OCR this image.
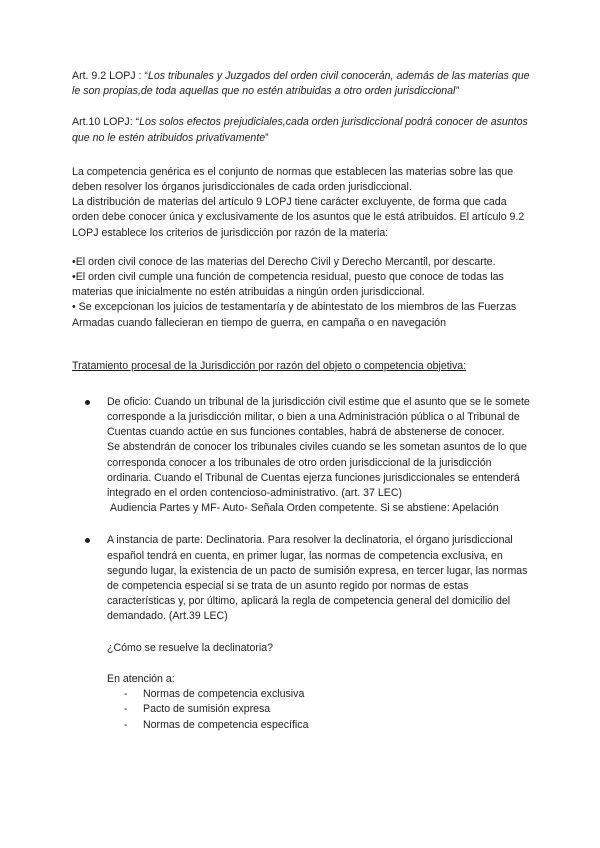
Art. 9.2 LOPJ : “Los tribunales y Juzgados del orden civil conocerán, además de las materias que le son propias,de toda aquellas que no estén atribuidas a otro orden jurisdiccional”

Art.10 LOPJ: “Los solos efectos prejudiciales,cada orden jurisdiccional podrá conocer de asuntos que no le estén atribuidos privativamente”

La competencia genérica es el conjunto de normas que establecen las materias sobre las que deben resolver los órganos jurisdiccionales de cada orden jurisdiccional.

La distribución de materias del artículo 9 LOPJ tiene carácter excluyente, de forma que cada orden debe conocer única y exclusivamente de los asuntos que le está atribuidos. El artículo 9.2 LOPJ establece los criterios de jurisdicción por razón de la materia:

•El orden civil conoce de las materias del Derecho Civil y Derecho Mercantil, por descarte.

•El orden civil cumple una función de competencia residual, puesto que conoce de todas las materias que inicialmente no estén atribuidas a ningún orden jurisdiccional.

• Se excepcionan los juicios de testamentaría y de abintestato de los miembros de las Fuerzas Armadas cuando fallecieran en tiempo de guerra, en campaña o en navegación

Tratamiento procesal de la Jurisdicción por razón del objeto o competencia objetiva:

De oficio: Cuando un tribunal de la jurisdicción civil estime que el asunto que se le somete corresponde a la jurisdicción militar, o bien a una Administración pública o al Tribunal de Cuentas cuando actúe en sus funciones contables, habrá de abstenerse de conocer.

Se abstendrán de conocer los tribunales civiles cuando se les sometan asuntos de lo que corresponda conocer a los tribunales de otro orden jurisdiccional de la jurisdicción ordinaria. Cuando el Tribunal de Cuentas ejerza funciones jurisdiccionales se entenderá integrado en el orden contencioso-administrativo. (art. 37 LEC)

Audiencia Partes y MF- Auto- Señala Orden competente. Si se abstiene: Apelación

A instancia de parte: Declinatoria. Para resolver la declinatoria, el órgano jurisdiccional español tendrá en cuenta, en primer lugar, las normas de competencia exclusiva, en segundo lugar, la existencia de un pacto de sumisión expresa, en tercer lugar, las normas de competencia especial si se trata de un asunto regido por normas de estas características y, por último, aplicará la regla de competencia general del domicilio del demandado. (Art.39 LEC)

¿Cómo se resuelve la declinatoria?

En atención a:

- Normas de competencia exclusiva
- Pacto de sumisión expresa
- Normas de competencia específica
